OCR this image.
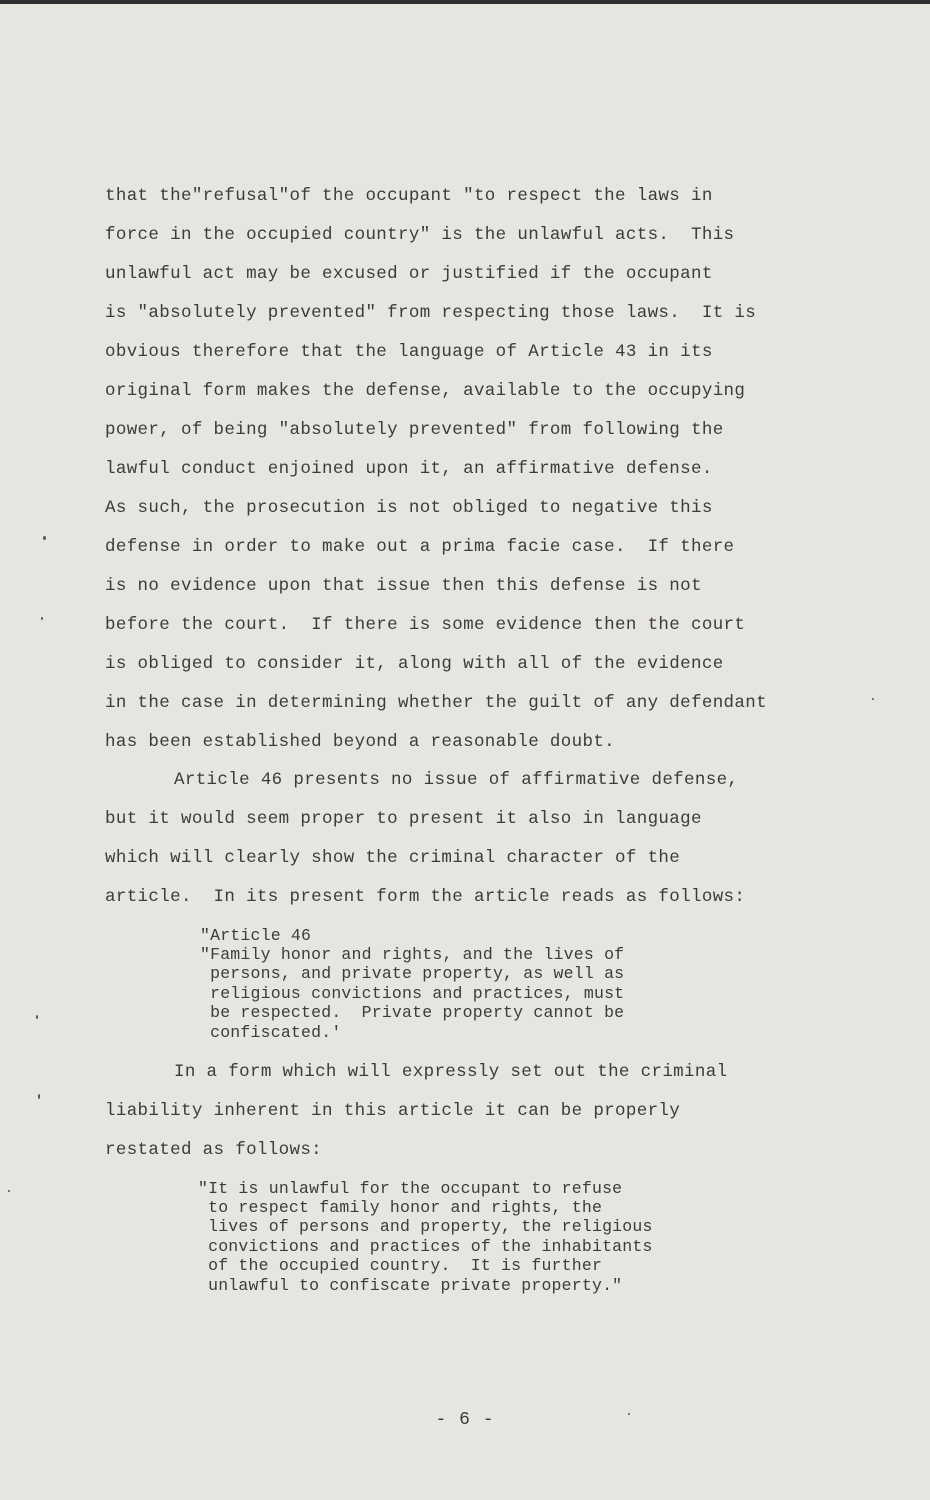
that the"refusal"of the occupant "to respect the laws in
force in the occupied country" is the unlawful acts.  This
unlawful act may be excused or justified if the occupant
is "absolutely prevented" from respecting those laws.  It is
obvious therefore that the language of Article 43 in its
original form makes the defense, available to the occupying
power, of being "absolutely prevented" from following the
lawful conduct enjoined upon it, an affirmative defense.
As such, the prosecution is not obliged to negative this
defense in order to make out a prima facie case.  If there
is no evidence upon that issue then this defense is not
before the court.  If there is some evidence then the court
is obliged to consider it, along with all of the evidence
in the case in determining whether the guilt of any defendant
has been established beyond a reasonable doubt.
Article 46 presents no issue of affirmative defense,
but it would seem proper to present it also in language
which will clearly show the criminal character of the
article.  In its present form the article reads as follows:
"Article 46
"Family honor and rights, and the lives of
persons, and private property, as well as
religious convictions and practices, must
be respected.  Private property cannot be
confiscated.'
In a form which will expressly set out the criminal
liability inherent in this article it can be properly
restated as follows:
"It is unlawful for the occupant to refuse
to respect family honor and rights, the
lives of persons and property, the religious
convictions and practices of the inhabitants
of the occupied country.  It is further
unlawful to confiscate private property."
- 6 -
